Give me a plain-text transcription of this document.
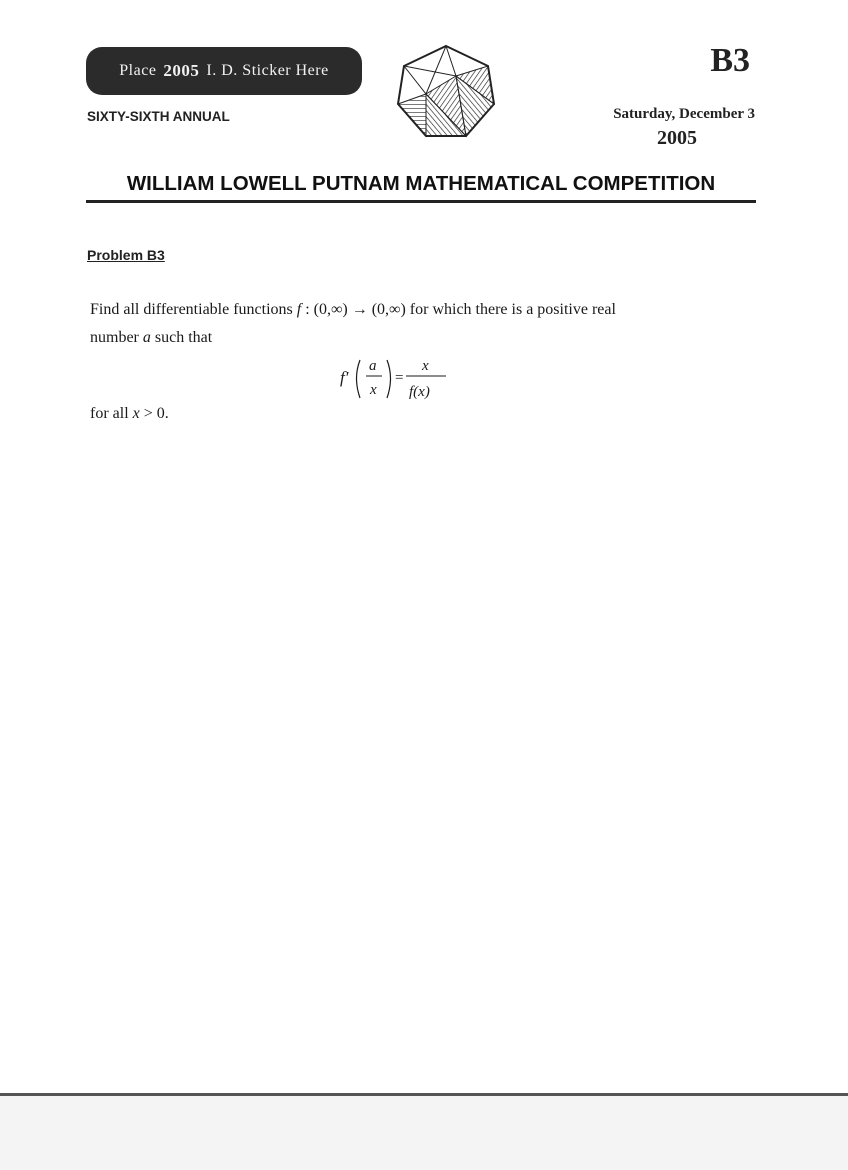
Place 2005 I. D. Sticker Here	B3
SIXTY-SIXTH ANNUAL	Saturday, December 3
2005
WILLIAM LOWELL PUTNAM MATHEMATICAL COMPETITION
Problem B3
Find all differentiable functions f : (0,∞) → (0,∞) for which there is a positive real
number a such that
f′
a
x
=
x
f(x)
for all x > 0.
